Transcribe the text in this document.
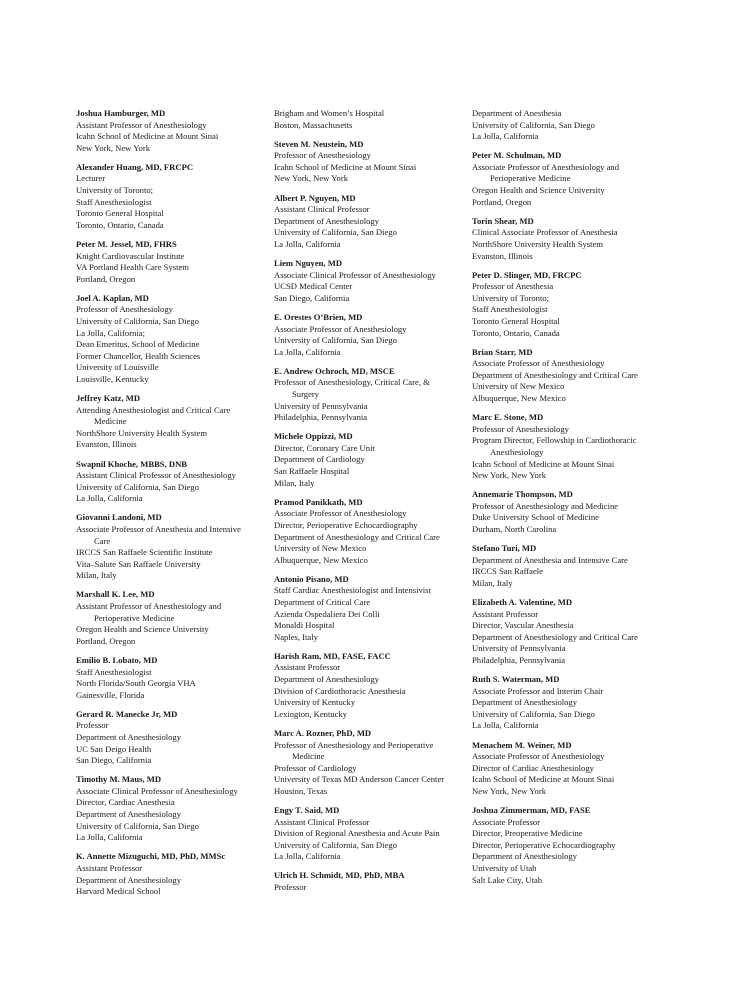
Joshua Hamburger, MD
Assistant Professor of Anesthesiology
Icahn School of Medicine at Mount Sinai
New York, New York
Alexander Huang, MD, FRCPC
Lecturer
University of Toronto;
Staff Anesthesiologist
Toronto General Hospital
Toronto, Ontario, Canada
Peter M. Jessel, MD, FHRS
Knight Cardiovascular Institute
VA Portland Health Care System
Portland, Oregon
Joel A. Kaplan, MD
Professor of Anesthesiology
University of California, San Diego
La Jolla, California;
Dean Emeritus, School of Medicine
Former Chancellor, Health Sciences
University of Louisville
Louisville, Kentucky
Jeffrey Katz, MD
Attending Anesthesiologist and Critical Care
Medicine
NorthShore University Health System
Evanston, Illinois
Swapnil Khoche, MBBS, DNB
Assistant Clinical Professor of Anesthesiology
University of California, San Diego
La Jolla, California
Giovanni Landoni, MD
Associate Professor of Anesthesia and Intensive
Care
IRCCS San Raffaele Scientific Institute
Vita–Salute San Raffaele University
Milan, Italy
Marshall K. Lee, MD
Assistant Professor of Anesthesiology and
Perioperative Medicine
Oregon Health and Science University
Portland, Oregon
Emilio B. Lobato, MD
Staff Anesthesiologist
North Florida/South Georgia VHA
Gainesville, Florida
Gerard R. Manecke Jr, MD
Professor
Department of Anesthesiology
UC San Deigo Health
San Diego, California
Timothy M. Maus, MD
Associate Clinical Professor of Anesthesiology
Director, Cardiac Anesthesia
Department of Anesthesiology
University of California, San Diego
La Jolla, California
K. Annette Mizuguchi, MD, PhD, MMSc
Assistant Professor
Department of Anesthesiology
Harvard Medical School
Brigham and Women’s Hospital
Boston, Massachusetts
Steven M. Neustein, MD
Professor of Anesthesiology
Icahn School of Medicine at Mount Sinai
New York, New York
Albert P. Nguyen, MD
Assistant Clinical Professor
Department of Anesthesiology
University of California, San Diego
La Jolla, California
Liem Nguyen, MD
Associate Clinical Professor of Anesthesiology
UCSD Medical Center
San Diego, California
E. Orestes O’Brien, MD
Associate Professor of Anesthesiology
University of California, San Diego
La Jolla, California
E. Andrew Ochroch, MD, MSCE
Professor of Anesthesiology, Critical Care, &
Surgery
University of Pennsylvania
Philadelphia, Pennsylvania
Michele Oppizzi, MD
Director, Coronary Care Unit
Department of Cardiology
San Raffaele Hospital
Milan, Italy
Pramod Panikkath, MD
Associate Professor of Anesthesiology
Director, Perioperative Echocardiography
Department of Anesthesiology and Critical Care
University of New Mexico
Albuquerque, New Mexico
Antonio Pisano, MD
Staff Cardiac Anesthesiologist and Intensivist
Department of Critical Care
Azienda Ospedaliera Dei Colli
Monaldi Hospital
Naples, Italy
Harish Ram, MD, FASE, FACC
Assistant Professor
Department of Anesthesiology
Division of Cardiothoracic Anesthesia
University of Kentucky
Lexington, Kentucky
Marc A. Rozner, PhD, MD
Professor of Anesthesiology and Perioperative
Medicine
Professor of Cardiology
University of Texas MD Anderson Cancer Center
Houston, Texas
Engy T. Said, MD
Assistant Clinical Professor
Division of Regional Anesthesia and Acute Pain
University of California, San Diego
La Jolla, California
Ulrich H. Schmidt, MD, PhD, MBA
Professor
Department of Anesthesia
University of California, San Diego
La Jolla, California
Peter M. Schulman, MD
Associate Professor of Anesthesiology and
Perioperative Medicine
Oregon Health and Science University
Portland, Oregon
Torin Shear, MD
Clinical Associate Professor of Anesthesia
NorthShore University Health System
Evanston, Illinois
Peter D. Slinger, MD, FRCPC
Professor of Anesthesia
University of Toronto;
Staff Anesthesiologist
Toronto General Hospital
Toronto, Ontario, Canada
Brian Starr, MD
Associate Professor of Anesthesiology
Department of Anesthesiology and Critical Care
University of New Mexico
Albuquerque, New Mexico
Marc E. Stone, MD
Professor of Anesthesiology
Program Director, Fellowship in Cardiothoracic
Anesthesiology
Icahn School of Medicine at Mount Sinai
New York, New York
Annemarie Thompson, MD
Professor of Anesthesiology and Medicine
Duke University School of Medicine
Durham, North Carolina
Stefano Turi, MD
Department of Anesthesia and Intensive Care
IRCCS San Raffaele
Milan, Italy
Elizabeth A. Valentine, MD
Assistant Professor
Director, Vascular Anesthesia
Department of Anesthesiology and Critical Care
University of Pennsylvania
Philadelphia, Pennsylvania
Ruth S. Waterman, MD
Associate Professor and Interim Chair
Department of Anesthesiology
University of California, San Diego
La Jolla, California
Menachem M. Weiner, MD
Associate Professor of Anesthesiology
Director of Cardiac Anesthesiology
Icahn School of Medicine at Mount Sinai
New York, New York
Joshua Zimmerman, MD, FASE
Associate Professor
Director, Preoperative Medicine
Director, Perioperative Echocardiography
Department of Anesthesiology
University of Utah
Salt Lake City, Utah
